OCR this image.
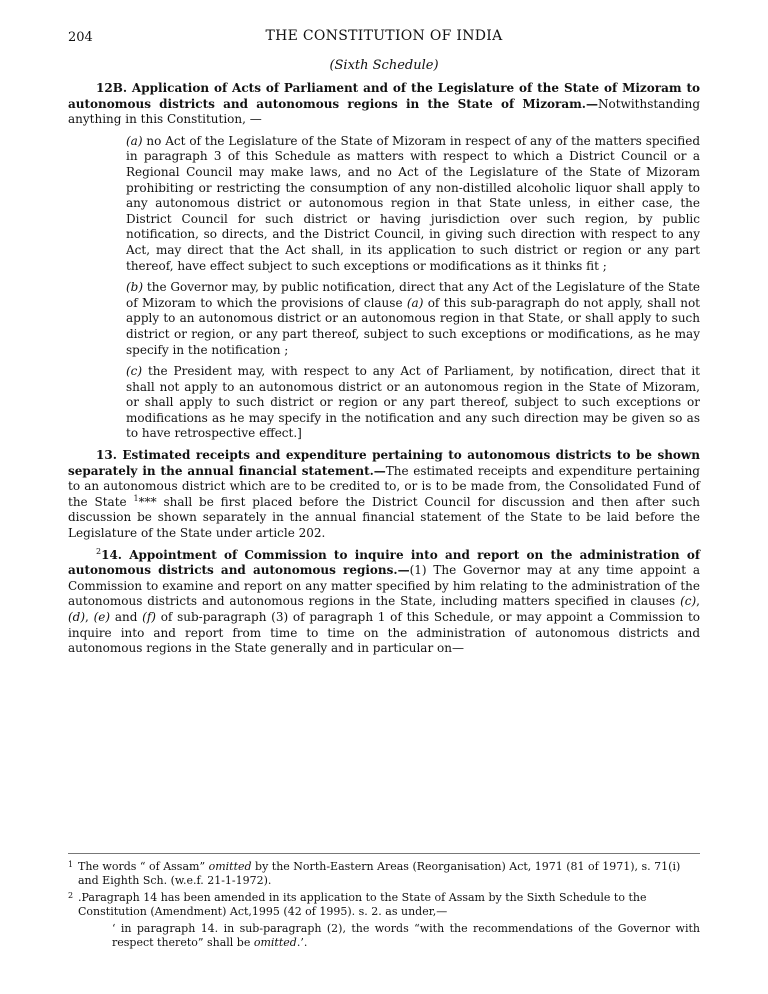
204	THE CONSTITUTION OF INDIA
(Sixth Schedule)

12B. Application of Acts of Parliament and of the Legislature of the State of Mizoram to autonomous districts and autonomous regions in the State of Mizoram.—Notwithstanding anything in this Constitution, —

(a) no Act of the Legislature of the State of Mizoram in respect of any of the matters specified in paragraph 3 of this Schedule as matters with respect to which a District Council or a Regional Council may make laws, and no Act of the Legislature of the State of Mizoram prohibiting or restricting the consumption of any non-distilled alcoholic liquor shall apply to any autonomous district or autonomous region in that State unless, in either case, the District Council for such district or having jurisdiction over such region, by public notification, so directs, and the District Council, in giving such direction with respect to any Act, may direct that the Act shall, in its application to such district or region or any part thereof, have effect subject to such exceptions or modifications as it thinks fit ;

(b) the Governor may, by public notification, direct that any Act of the Legislature of the State of Mizoram to which the provisions of clause (a) of this sub-paragraph do not apply, shall not apply to an autonomous district or an autonomous region in that State, or shall apply to such district or region, or any part thereof, subject to such exceptions or modifications, as he may specify in the notification ;

(c) the President may, with respect to any Act of Parliament, by notification, direct that it shall not apply to an autonomous district or an autonomous region in the State of Mizoram, or shall apply to such district or region or any part thereof, subject to such exceptions or modifications as he may specify in the notification and any such direction may be given so as to have retrospective effect.]

13. Estimated receipts and expenditure pertaining to autonomous districts to be shown separately in the annual financial statement.—The estimated receipts and expenditure pertaining to an autonomous district which are to be credited to, or is to be made from, the Consolidated Fund of the State $^1$*** shall be first placed before the District Council for discussion and then after such discussion be shown separately in the annual financial statement of the State to be laid before the Legislature of the State under article 202.

$^2$14. Appointment of Commission to inquire into and report on the administration of autonomous districts and autonomous regions.—(1) The Governor may at any time appoint a Commission to examine and report on any matter specified by him relating to the administration of the autonomous districts and autonomous regions in the State, including matters specified in clauses (c), (d), (e) and (f) of sub-paragraph (3) of paragraph 1 of this Schedule, or may appoint a Commission to inquire into and report from time to time on the administration of autonomous districts and autonomous regions in the State generally and in particular on—

1 The words “ of Assam” omitted by the North-Eastern Areas (Reorganisation) Act, 1971 (81 of 1971), s. 71(i) and Eighth Sch. (w.e.f. 21-1-1972).

2 .Paragraph 14 has been amended in its application to the State of Assam by the Sixth Schedule to the Constitution (Amendment) Act,1995 (42 of 1995). s. 2. as under,—

‘ in paragraph 14. in sub-paragraph (2), the words “with the recommendations of the Governor with respect thereto” shall be omitted.’.
